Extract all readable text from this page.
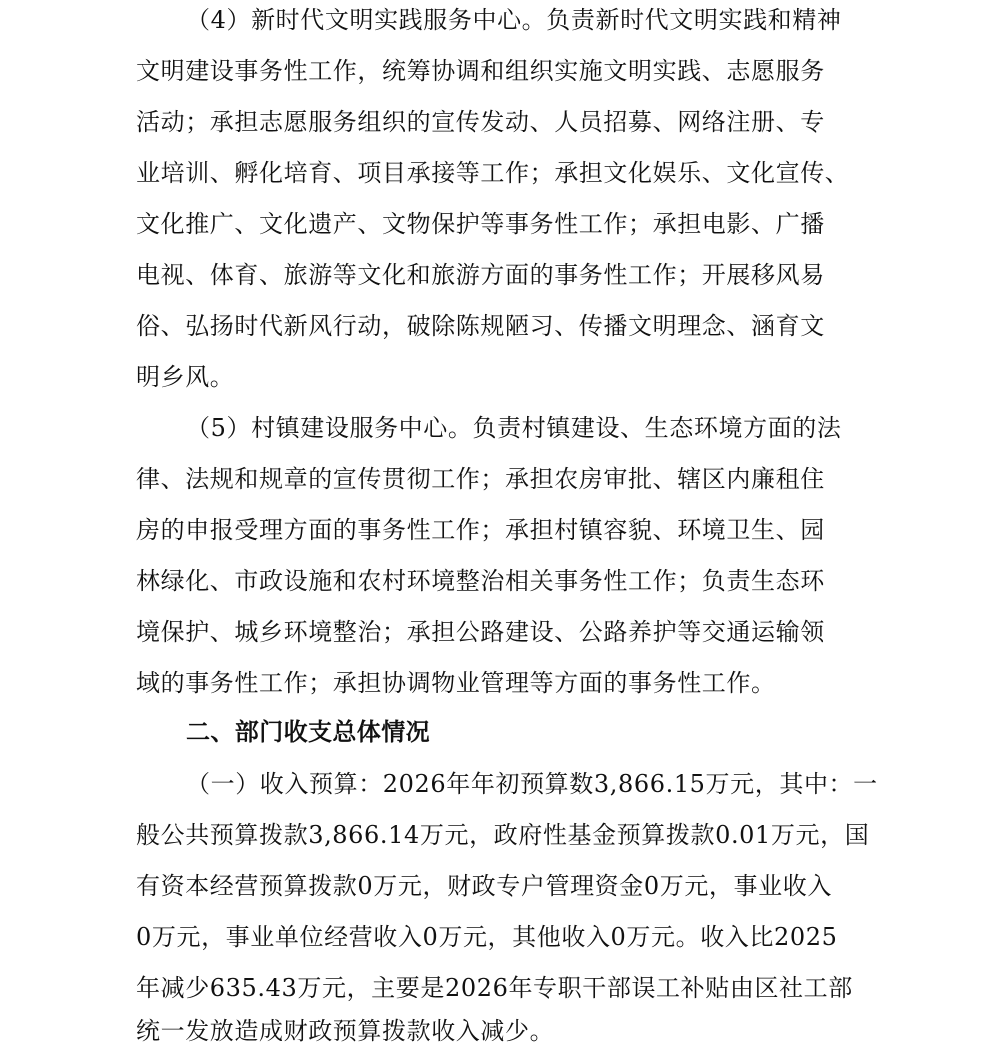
（4）新时代文明实践服务中心。负责新时代文明实践和精神
文明建设事务性工作，统筹协调和组织实施文明实践、志愿服务
活动；承担志愿服务组织的宣传发动、人员招募、网络注册、专
业培训、孵化培育、项目承接等工作；承担文化娱乐、文化宣传、
文化推广、文化遗产、文物保护等事务性工作；承担电影、广播
电视、体育、旅游等文化和旅游方面的事务性工作；开展移风易
俗、弘扬时代新风行动，破除陈规陋习、传播文明理念、涵育文
明乡风。
（5）村镇建设服务中心。负责村镇建设、生态环境方面的法
律、法规和规章的宣传贯彻工作；承担农房审批、辖区内廉租住
房的申报受理方面的事务性工作；承担村镇容貌、环境卫生、园
林绿化、市政设施和农村环境整治相关事务性工作；负责生态环
境保护、城乡环境整治；承担公路建设、公路养护等交通运输领
域的事务性工作；承担协调物业管理等方面的事务性工作。
二、部门收支总体情况
（一）收入预算：2026年年初预算数3,866.15万元，其中：一
般公共预算拨款3,866.14万元，政府性基金预算拨款0.01万元，国
有资本经营预算拨款0万元，财政专户管理资金0万元，事业收入
0万元，事业单位经营收入0万元，其他收入0万元。收入比2025
年减少635.43万元，主要是2026年专职干部误工补贴由区社工部
统一发放造成财政预算拨款收入减少。
